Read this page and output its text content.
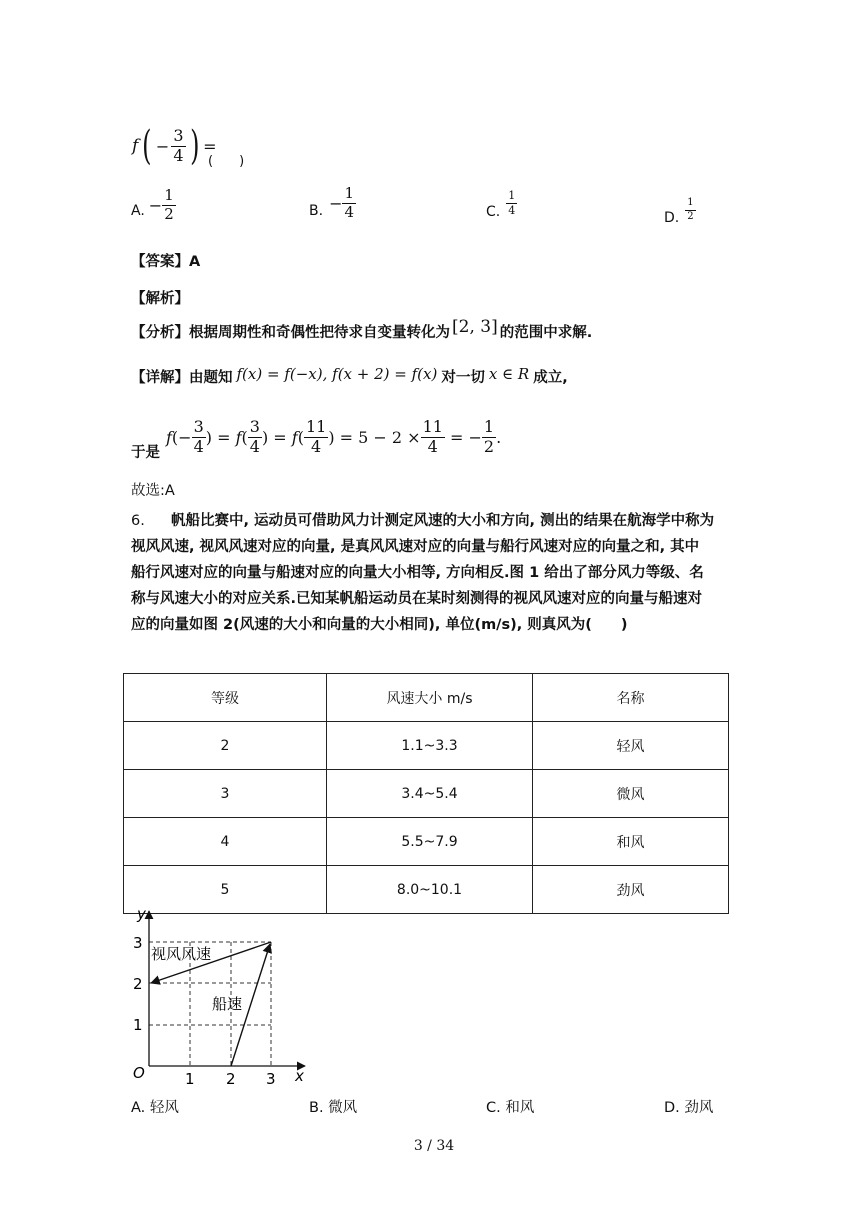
f ( − $\frac{3}{4}$ ) =
(　　)
A. − $\frac{1}{2}$	B. − $\frac{1}{4}$	C. $\frac{1}{4}$
D. $\frac{1}{2}$
【答案】A
【解析】
【分析】根据周期性和奇偶性把待求自变量转化为 [2, 3] 的范围中求解.
【详解】由题知 f(x) = f(−x), f(x + 2) = f(x) 对一切 x ∈ R 成立,
于是
f (− $\frac{3}{4}$ ) = f ( $\frac{3}{4}$ ) = f ( $\frac{11}{4}$ ) = $5 - 2 \times \frac{11}{4}$ = − $\frac{1}{2}$ .
故选:A
6.	帆船比赛中, 运动员可借助风力计测定风速的大小和方向, 测出的结果在航海学中称为
视风风速, 视风风速对应的向量, 是真风风速对应的向量与船行风速对应的向量之和, 其中
船行风速对应的向量与船速对应的向量大小相等, 方向相反.图 1 给出了部分风力等级、名
称与风速大小的对应关系.已知某帆船运动员在某时刻测得的视风风速对应的向量与船速对
应的向量如图 2(风速的大小和向量的大小相同), 单位(m/s), 则真风为(　　)
等级	风速大小 m/s	名称
2	1.1~3.3	轻风
3	3.4~5.4	微风
4	5.5~7.9	和风
5	8.0~10.1	劲风
y
x
O	1 2 3
1
2
3
视风风速
船速
A. 轻风	B. 微风	C. 和风	D. 劲风
3 / 34
